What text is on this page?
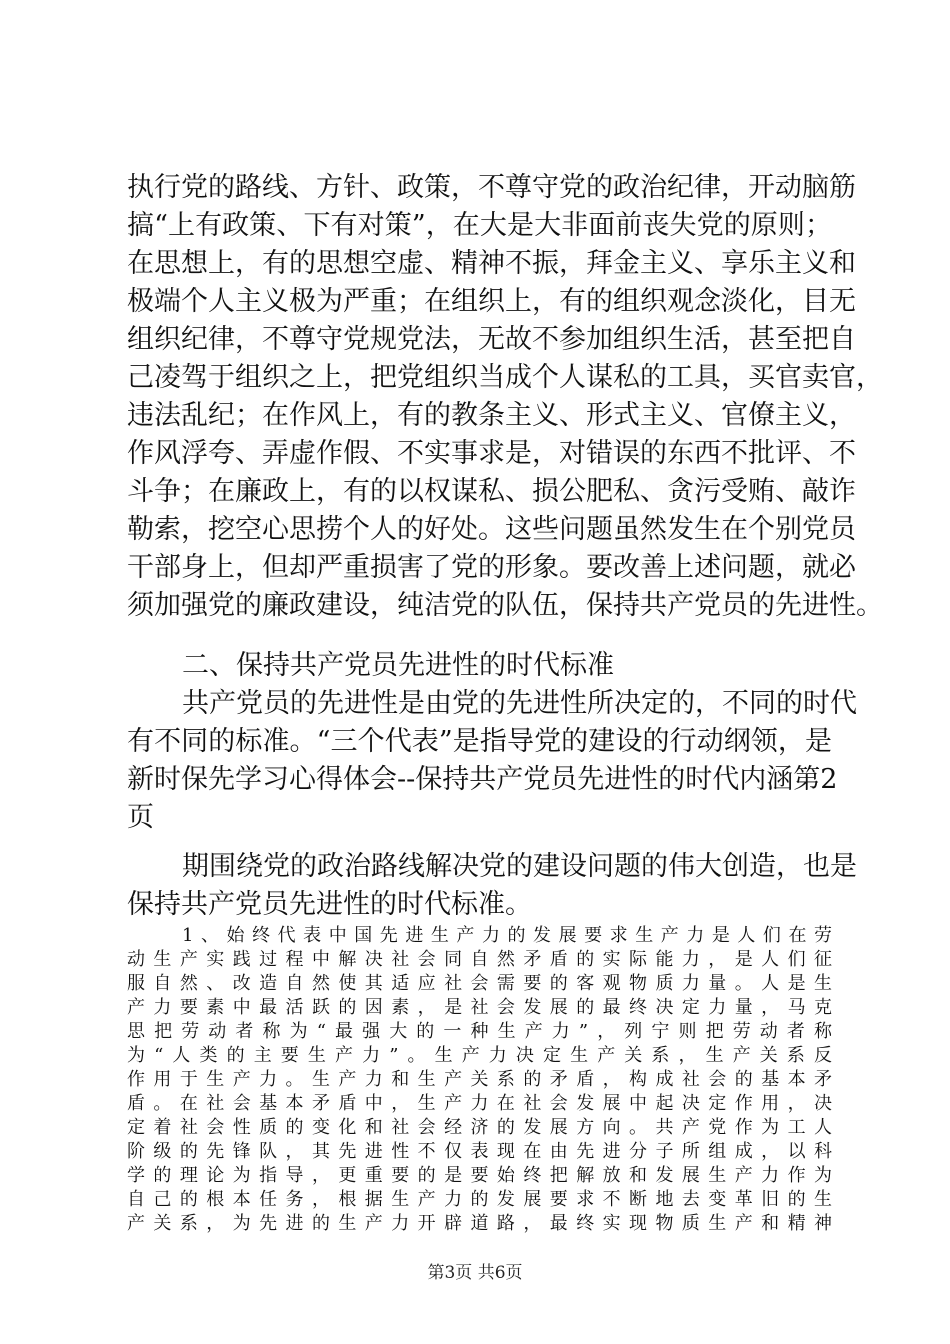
执行党的路线、方针、政策，不尊守党的政治纪律，开动脑筋
搞“上有政策、下有对策”，在大是大非面前丧失党的原则；
在思想上，有的思想空虚、精神不振，拜金主义、享乐主义和
极端个人主义极为严重；在组织上，有的组织观念淡化，目无
组织纪律，不尊守党规党法，无故不参加组织生活，甚至把自
己凌驾于组织之上，把党组织当成个人谋私的工具，买官卖官，
违法乱纪；在作风上，有的教条主义、形式主义、官僚主义，
作风浮夸、弄虚作假、不实事求是，对错误的东西不批评、不
斗争；在廉政上，有的以权谋私、损公肥私、贪污受贿、敲诈
勒索，挖空心思捞个人的好处。这些问题虽然发生在个别党员
干部身上，但却严重损害了党的形象。要改善上述问题，就必
须加强党的廉政建设，纯洁党的队伍，保持共产党员的先进性。
二、保持共产党员先进性的时代标准
共产党员的先进性是由党的先进性所决定的，不同的时代
有不同的标准。“三个代表”是指导党的建设的行动纲领，是
新时保先学习心得体会--保持共产党员先进性的时代内涵第2
页
期围绕党的政治路线解决党的建设问题的伟大创造，也是
保持共产党员先进性的时代标准。
1、始终代表中国先进生产力的发展要求生产力是人们在劳
动生产实践过程中解决社会同自然矛盾的实际能力，是人们征
服自然、改造自然使其适应社会需要的客观物质力量。人是生
产力要素中最活跃的因素，是社会发展的最终决定力量，马克
思把劳动者称为“最强大的一种生产力”，列宁则把劳动者称
为“人类的主要生产力”。生产力决定生产关系，生产关系反
作用于生产力。生产力和生产关系的矛盾，构成社会的基本矛
盾。在社会基本矛盾中，生产力在社会发展中起决定作用，决
定着社会性质的变化和社会经济的发展方向。共产党作为工人
阶级的先锋队，其先进性不仅表现在由先进分子所组成，以科
学的理论为指导，更重要的是要始终把解放和发展生产力作为
自己的根本任务，根据生产力的发展要求不断地去变革旧的生
产关系，为先进的生产力开辟道路，最终实现物质生产和精神
第3页 共6页
